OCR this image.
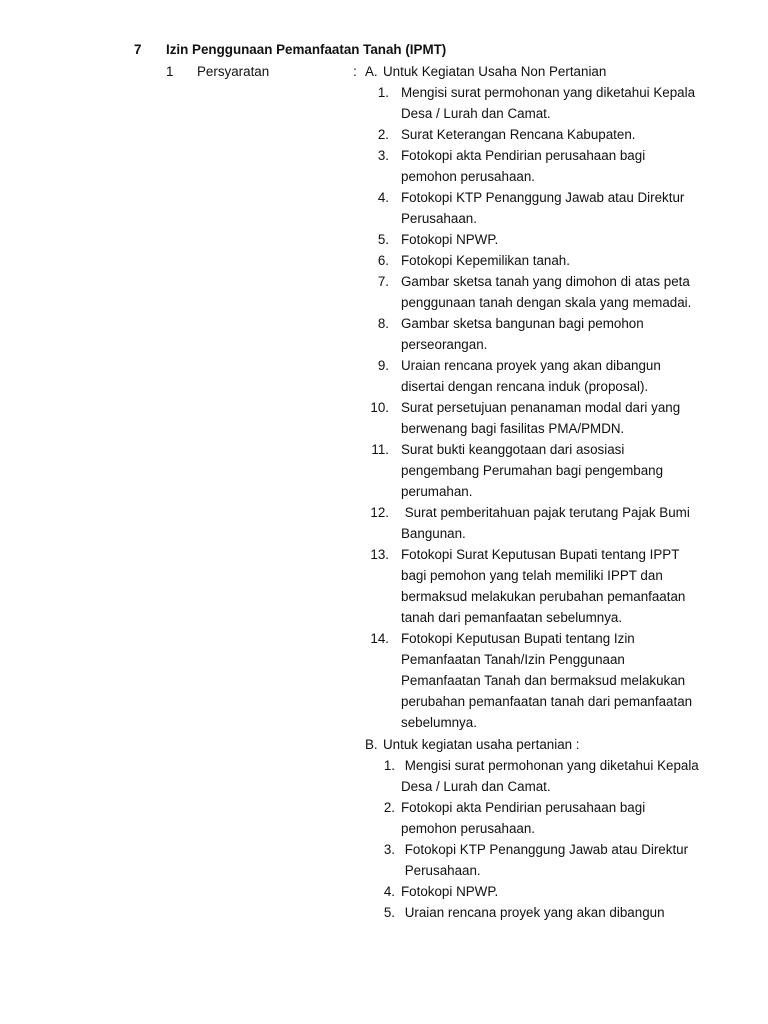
7 Izin Penggunaan Pemanfaatan Tanah (IPMT)
1 Persyaratan	: A. Untuk Kegiatan Usaha Non Pertanian
1. Mengisi surat permohonan yang diketahui Kepala
Desa / Lurah dan Camat.
2. Surat Keterangan Rencana Kabupaten.
3. Fotokopi akta Pendirian perusahaan bagi
pemohon perusahaan.
4. Fotokopi KTP Penanggung Jawab atau Direktur
Perusahaan.
5. Fotokopi NPWP.
6. Fotokopi Kepemilikan tanah.
7. Gambar sketsa tanah yang dimohon di atas peta
penggunaan tanah dengan skala yang memadai.
8. Gambar sketsa bangunan bagi pemohon
perseorangan.
9. Uraian rencana proyek yang akan dibangun
disertai dengan rencana induk (proposal).
10. Surat persetujuan penanaman modal dari yang
berwenang bagi fasilitas PMA/PMDN.
11. Surat bukti keanggotaan dari asosiasi
pengembang Perumahan bagi pengembang
perumahan.
12. Surat pemberitahuan pajak terutang Pajak Bumi
Bangunan.
13. Fotokopi Surat Keputusan Bupati tentang IPPT
bagi pemohon yang telah memiliki IPPT dan
bermaksud melakukan perubahan pemanfaatan
tanah dari pemanfaatan sebelumnya.
14. Fotokopi Keputusan Bupati tentang Izin
Pemanfaatan Tanah/Izin Penggunaan
Pemanfaatan Tanah dan bermaksud melakukan
perubahan pemanfaatan tanah dari pemanfaatan
sebelumnya.
B. Untuk kegiatan usaha pertanian :
1. Mengisi surat permohonan yang diketahui Kepala
Desa / Lurah dan Camat.
2. Fotokopi akta Pendirian perusahaan bagi
pemohon perusahaan.
3. Fotokopi KTP Penanggung Jawab atau Direktur
Perusahaan.
4. Fotokopi NPWP.
5. Uraian rencana proyek yang akan dibangun
